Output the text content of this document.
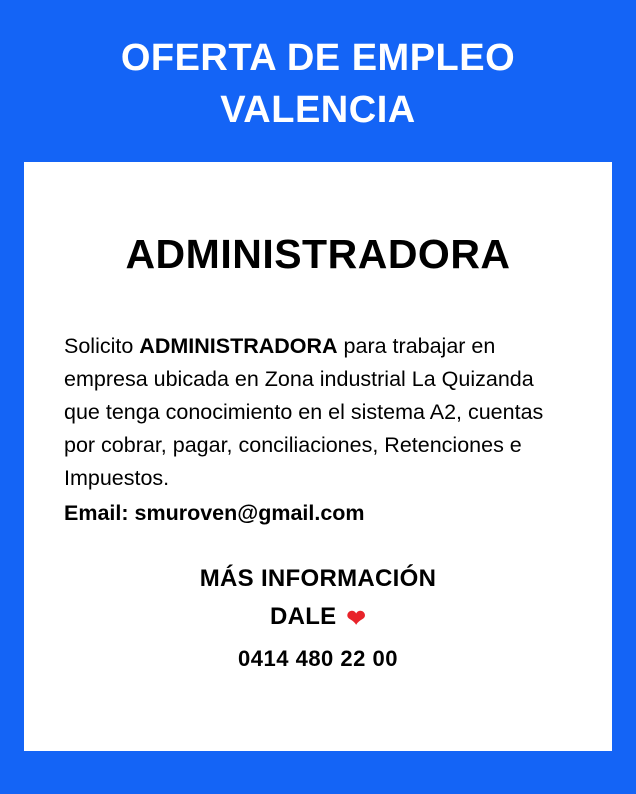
OFERTA DE EMPLEO
VALENCIA
ADMINISTRADORA
Solicito ADMINISTRADORA para trabajar en empresa ubicada en Zona industrial La Quizanda que tenga conocimiento en el sistema A2, cuentas por cobrar, pagar, conciliaciones, Retenciones e Impuestos.
Email: smuroven@gmail.com
MÁS INFORMACIÓN
DALE ❤
0414 480 22 00
